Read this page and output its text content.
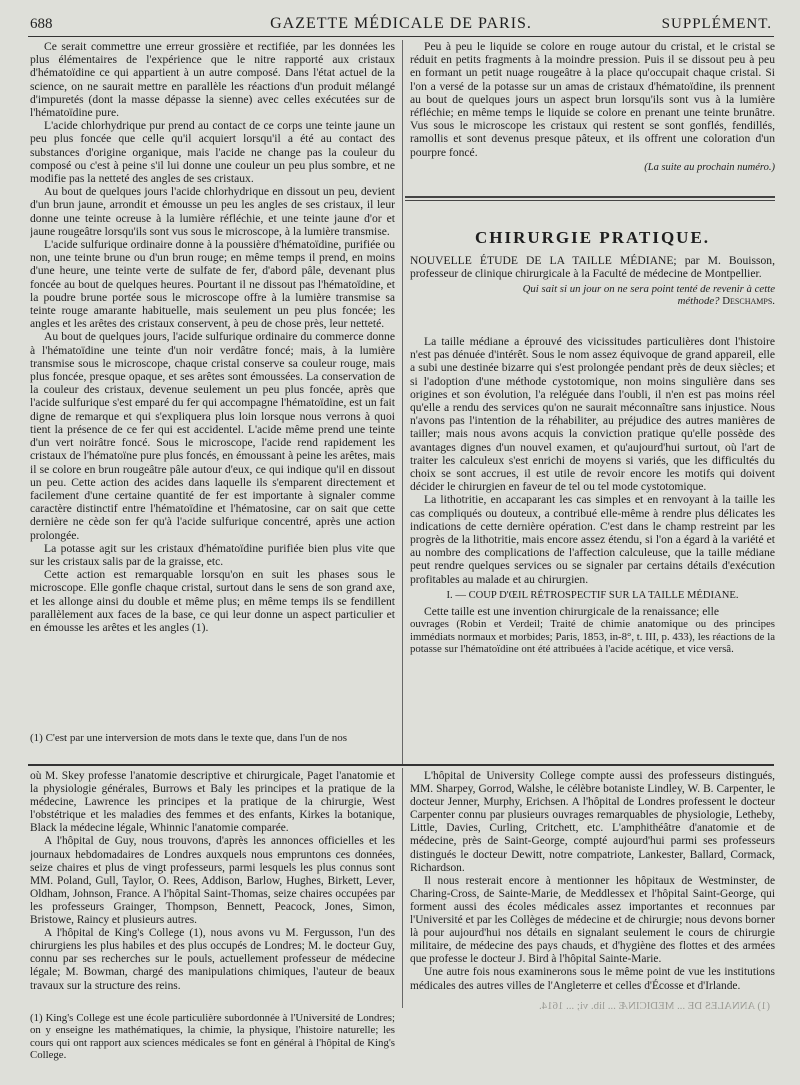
688	GAZETTE MÉDICALE DE PARIS.	SUPPLÉMENT.

Ce serait commettre une erreur grossière et rectifiée, par les données les plus élémentaires de l'expérience que le nitre rapporté aux cristaux d'hématoïdine ce qui appartient à un autre composé. Dans l'état actuel de la science, on ne saurait mettre en parallèle les réactions d'un produit mélangé d'impuretés (dont la masse dépasse la sienne) avec celles exécutées sur de l'hématoïdine pure.

L'acide chlorhydrique pur prend au contact de ce corps une teinte jaune un peu plus foncée que celle qu'il acquiert lorsqu'il a été au contact des substances d'origine organique, mais l'acide ne change pas la couleur du composé ou c'est à peine s'il lui donne une couleur un peu plus sombre, et ne modifie pas la netteté des angles de ses cristaux.

Au bout de quelques jours l'acide chlorhydrique en dissout un peu, devient d'un brun jaune, arrondit et émousse un peu les angles de ses cristaux, il leur donne une teinte ocreuse à la lumière réfléchie, et une teinte jaune d'or et jaune rougeâtre lorsqu'ils sont vus sous le microscope, à la lumière transmise.

L'acide sulfurique ordinaire donne à la poussière d'hématoïdine, purifiée ou non, une teinte brune ou d'un brun rouge; en même temps il prend, en moins d'une heure, une teinte verte de sulfate de fer, d'abord pâle, devenant plus foncée au bout de quelques heures. Pourtant il ne dissout pas l'hématoïdine, et la poudre brune portée sous le microscope offre à la lumière transmise sa teinte rouge amarante habituelle, mais seulement un peu plus foncée; les angles et les arêtes des cristaux conservent, à peu de chose près, leur netteté.

Au bout de quelques jours, l'acide sulfurique ordinaire du commerce donne à l'hématoïdine une teinte d'un noir verdâtre foncé; mais, à la lumière transmise sous le microscope, chaque cristal conserve sa couleur rouge, mais plus foncée, presque opaque, et ses arêtes sont émoussées. La conservation de la couleur des cristaux, devenue seulement un peu plus foncée, après que l'acide sulfurique s'est emparé du fer qui accompagne l'hématoïdine, est un fait digne de remarque et qui s'expliquera plus loin lorsque nous verrons à quoi tient la présence de ce fer qui est accidentel. L'acide même prend une teinte d'un vert noirâtre foncé. Sous le microscope, l'acide rend rapidement les cristaux de l'hématoïne pure plus foncés, en émoussant à peine les arêtes, mais il se colore en brun rougeâtre pâle autour d'eux, ce qui indique qu'il en dissout un peu. Cette action des acides dans laquelle ils s'emparent directement et facilement d'une certaine quantité de fer est importante à signaler comme caractère distinctif entre l'hématoïdine et l'hématosine, car on sait que cette dernière ne cède son fer qu'à l'acide sulfurique concentré, après une action prolongée.

La potasse agit sur les cristaux d'hématoïdine purifiée bien plus vite que sur les cristaux salis par de la graisse, etc.

Cette action est remarquable lorsqu'on en suit les phases sous le microscope. Elle gonfle chaque cristal, surtout dans le sens de son grand axe, et les allonge ainsi du double et même plus; en même temps ils se fendillent parallèlement aux faces de la base, ce qui leur donne un aspect particulier et en émousse les arêtes et les angles (1).

(1) C'est par une interversion de mots dans le texte que, dans l'un de nos

Peu à peu le liquide se colore en rouge autour du cristal, et le cristal se réduit en petits fragments à la moindre pression. Puis il se dissout peu à peu en formant un petit nuage rougeâtre à la place qu'occupait chaque cristal. Si l'on a versé de la potasse sur un amas de cristaux d'hématoïdine, ils prennent au bout de quelques jours un aspect brun lorsqu'ils sont vus à la lumière réfléchie; en même temps le liquide se colore en prenant une teinte brunâtre. Vus sous le microscope les cristaux qui restent se sont gonflés, fendillés, ramollis et sont devenus presque pâteux, et ils offrent une coloration d'un pourpre foncé.

(La suite au prochain numéro.)
CHIRURGIE PRATIQUE.
NOUVELLE ÉTUDE DE LA TAILLE MÉDIANE; par M. Bouisson, professeur de clinique chirurgicale à la Faculté de médecine de Montpellier.
Qui sait si un jour on ne sera point tenté de revenir à cette méthode? Deschamps.

La taille médiane a éprouvé des vicissitudes particulières dont l'histoire n'est pas dénuée d'intérêt. Sous le nom assez équivoque de grand appareil, elle a subi une destinée bizarre qui s'est prolongée pendant près de deux siècles; et si l'adoption d'une méthode cystotomique, non moins singulière dans ses origines et son évolution, l'a reléguée dans l'oubli, il n'en est pas moins réel qu'elle a rendu des services qu'on ne saurait méconnaître sans injustice. Nous n'avons pas l'intention de la réhabiliter, au préjudice des autres manières de tailler; mais nous avons acquis la conviction pratique qu'elle possède des avantages dignes d'un nouvel examen, et qu'aujourd'hui surtout, où l'art de traiter les calculeux s'est enrichi de moyens si variés, que les difficultés du choix se sont accrues, il est utile de revoir encore les motifs qui doivent décider le chirurgien en faveur de tel ou tel mode cystotomique.

La lithotritie, en accaparant les cas simples et en renvoyant à la taille les cas compliqués ou douteux, a contribué elle-même à rendre plus délicates les indications de cette dernière opération. C'est dans le champ restreint par les progrès de la lithotritie, mais encore assez étendu, si l'on a égard à la variété et au nombre des complications de l'affection calculeuse, que la taille médiane peut rendre quelques services ou se signaler par certains détails d'exécution profitables au malade et au chirurgien.

I. — COUP D'ŒIL RÉTROSPECTIF SUR LA TAILLE MÉDIANE.

Cette taille est une invention chirurgicale de la renaissance; elle

ouvrages (Robin et Verdeil; Traité de chimie anatomique ou des principes immédiats normaux et morbides; Paris, 1853, in-8°, t. III, p. 433), les réactions de la potasse sur l'hématoïdine ont été attribuées à l'acide acétique, et vice versâ.

où M. Skey professe l'anatomie descriptive et chirurgicale, Paget l'anatomie et la physiologie générales, Burrows et Baly les principes et la pratique de la médecine, Lawrence les principes et la pratique de la chirurgie, West l'obstétrique et les maladies des femmes et des enfants, Kirkes la botanique, Black la médecine légale, Whinnic l'anatomie comparée.

A l'hôpital de Guy, nous trouvons, d'après les annonces officielles et les journaux hebdomadaires de Londres auxquels nous empruntons ces données, seize chaires et plus de vingt professeurs, parmi lesquels les plus connus sont MM. Poland, Gull, Taylor, O. Rees, Addison, Barlow, Hughes, Birkett, Lever, Oldham, Johnson, France. A l'hôpital Saint-Thomas, seize chaires occupées par les professeurs Grainger, Thompson, Bennett, Peacock, Jones, Simon, Bristowe, Raincy et plusieurs autres.

A l'hôpital de King's College (1), nous avons vu M. Fergusson, l'un des chirurgiens les plus habiles et des plus occupés de Londres; M. le docteur Guy, connu par ses recherches sur le pouls, actuellement professeur de médecine légale; M. Bowman, chargé des manipulations chimiques, l'auteur de beaux travaux sur la structure des reins.

(1) King's College est une école particulière subordonnée à l'Université de Londres; on y enseigne les mathématiques, la chimie, la physique, l'histoire naturelle; les cours qui ont rapport aux sciences médicales se font en général à l'hôpital de King's College.

L'hôpital de University College compte aussi des professeurs distingués, MM. Sharpey, Gorrod, Walshe, le célèbre botaniste Lindley, W. B. Carpenter, le docteur Jenner, Murphy, Erichsen. A l'hôpital de Londres professent le docteur Carpenter connu par plusieurs ouvrages remarquables de physiologie, Letheby, Little, Davies, Curling, Critchett, etc. L'amphithéâtre d'anatomie et de médecine, près de Saint-George, compté aujourd'hui parmi ses professeurs distingués le docteur Dewitt, notre compatriote, Lankester, Ballard, Cormack, Richardson.

Il nous resterait encore à mentionner les hôpitaux de Westminster, de Charing-Cross, de Sainte-Marie, de Meddlessex et l'hôpital Saint-George, qui forment aussi des écoles médicales assez importantes et reconnues par l'Université et par les Collèges de médecine et de chirurgie; nous devons borner là pour aujourd'hui nos détails en signalant seulement le cours de chirurgie militaire, de médecine des pays chauds, et d'hygiène des flottes et des armées que professe le docteur J. Bird à l'hôpital Sainte-Marie.

Une autre fois nous examinerons sous le même point de vue les institutions médicales des autres villes de l'Angleterre et celles d'Écosse et d'Irlande.

(1) ANNALES DE ... MEDICINÆ ... lib. vi; ... 1614.
